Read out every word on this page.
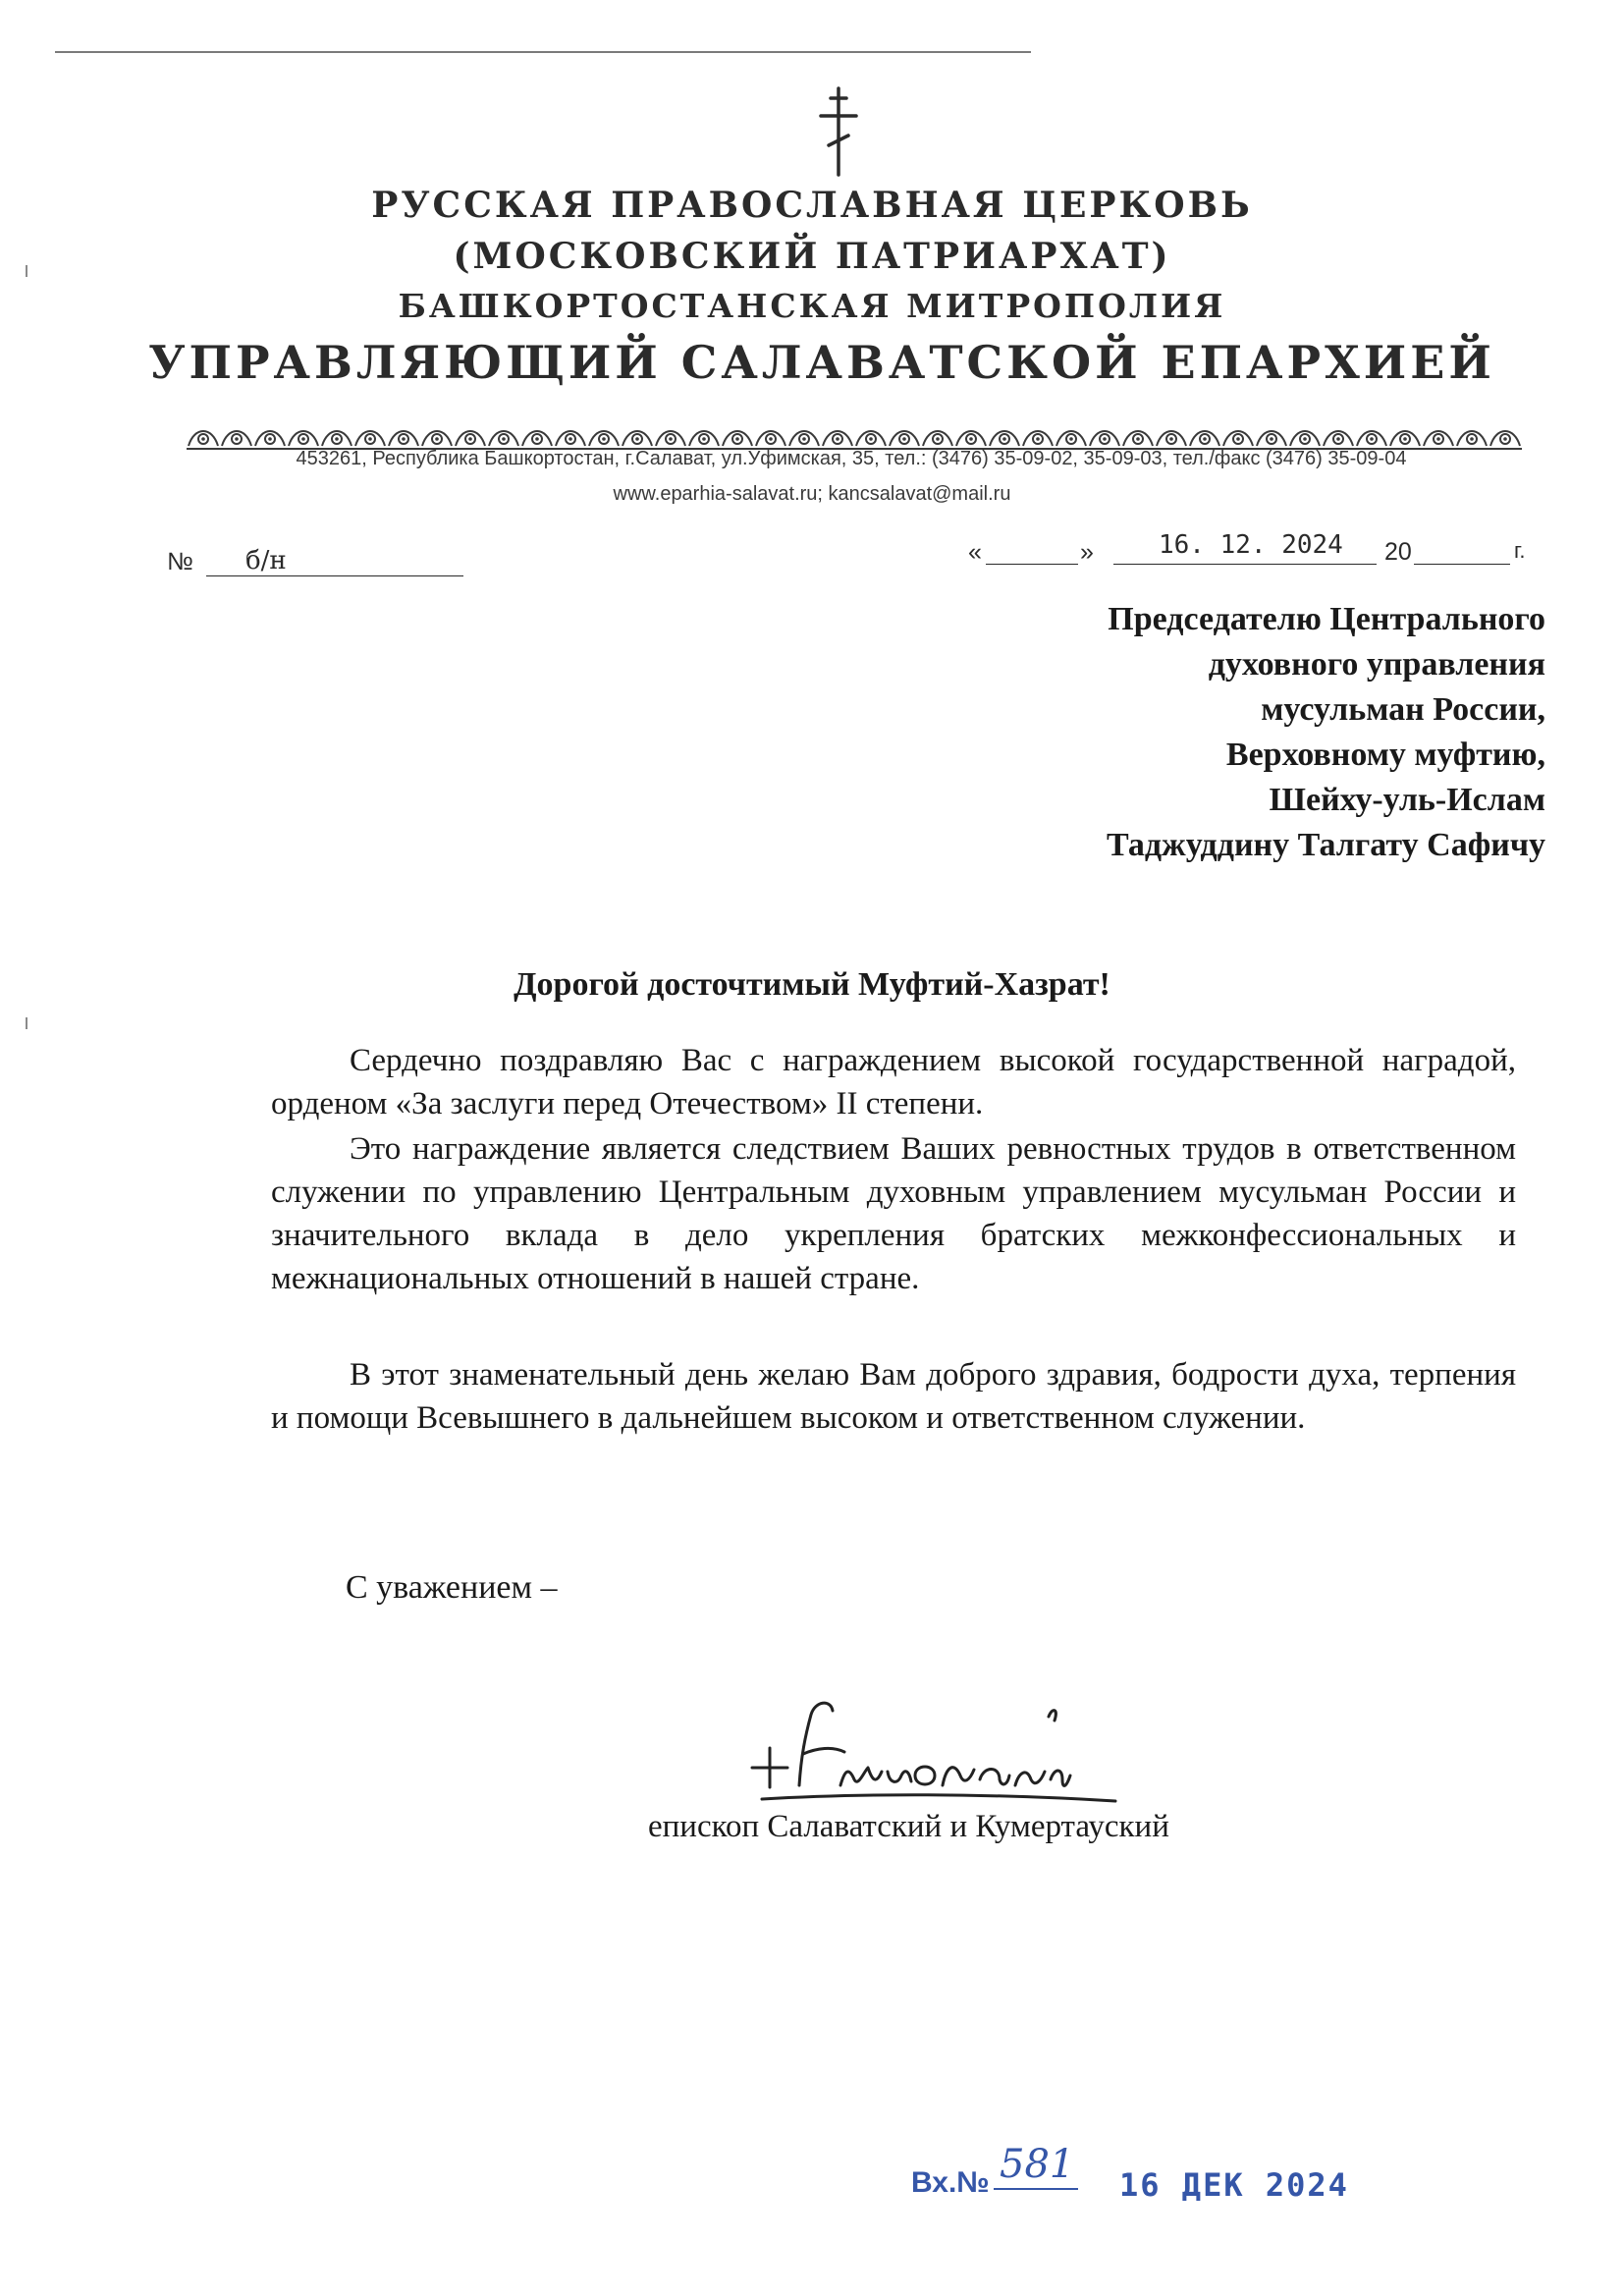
РУССКАЯ ПРАВОСЛАВНАЯ ЦЕРКОВЬ
(МОСКОВСКИЙ ПАТРИАРХАТ)
БАШКОРТОСТАНСКАЯ МИТРОПОЛИЯ
УПРАВЛЯЮЩИЙ САЛАВАТСКОЙ ЕПАРХИЕЙ
453261, Республика Башкортостан, г.Салават, ул.Уфимская, 35, тел.: (3476) 35-09-02, 35-09-03, тел./факс (3476) 35-09-04
www.eparhia-salavat.ru; kancsalavat@mail.ru
№ б/н	«	»	16. 12. 2024 20	г.
Председателю Центрального
духовного управления
мусульман России,
Верховному муфтию,
Шейху-уль-Ислам
Таджуддину Талгату Сафичу
Дорогой досточтимый Муфтий-Хазрат!
Сердечно поздравляю Вас с награждением высокой государственной наградой, орденом «За заслуги перед Отечеством» II степени.
Это награждение является следствием Ваших ревностных трудов в ответственном служении по управлению Центральным духовным управлением мусульман России и значительного вклада в дело укрепления братских межконфессиональных и межнациональных отношений в нашей стране.
В этот знаменательный день желаю Вам доброго здравия, бодрости духа, терпения и помощи Всевышнего в дальнейшем высоком и ответственном служении.
С уважением –
епископ Салаватский и Кумертауский
Вх.№ 581 16 ДЕК 2024
